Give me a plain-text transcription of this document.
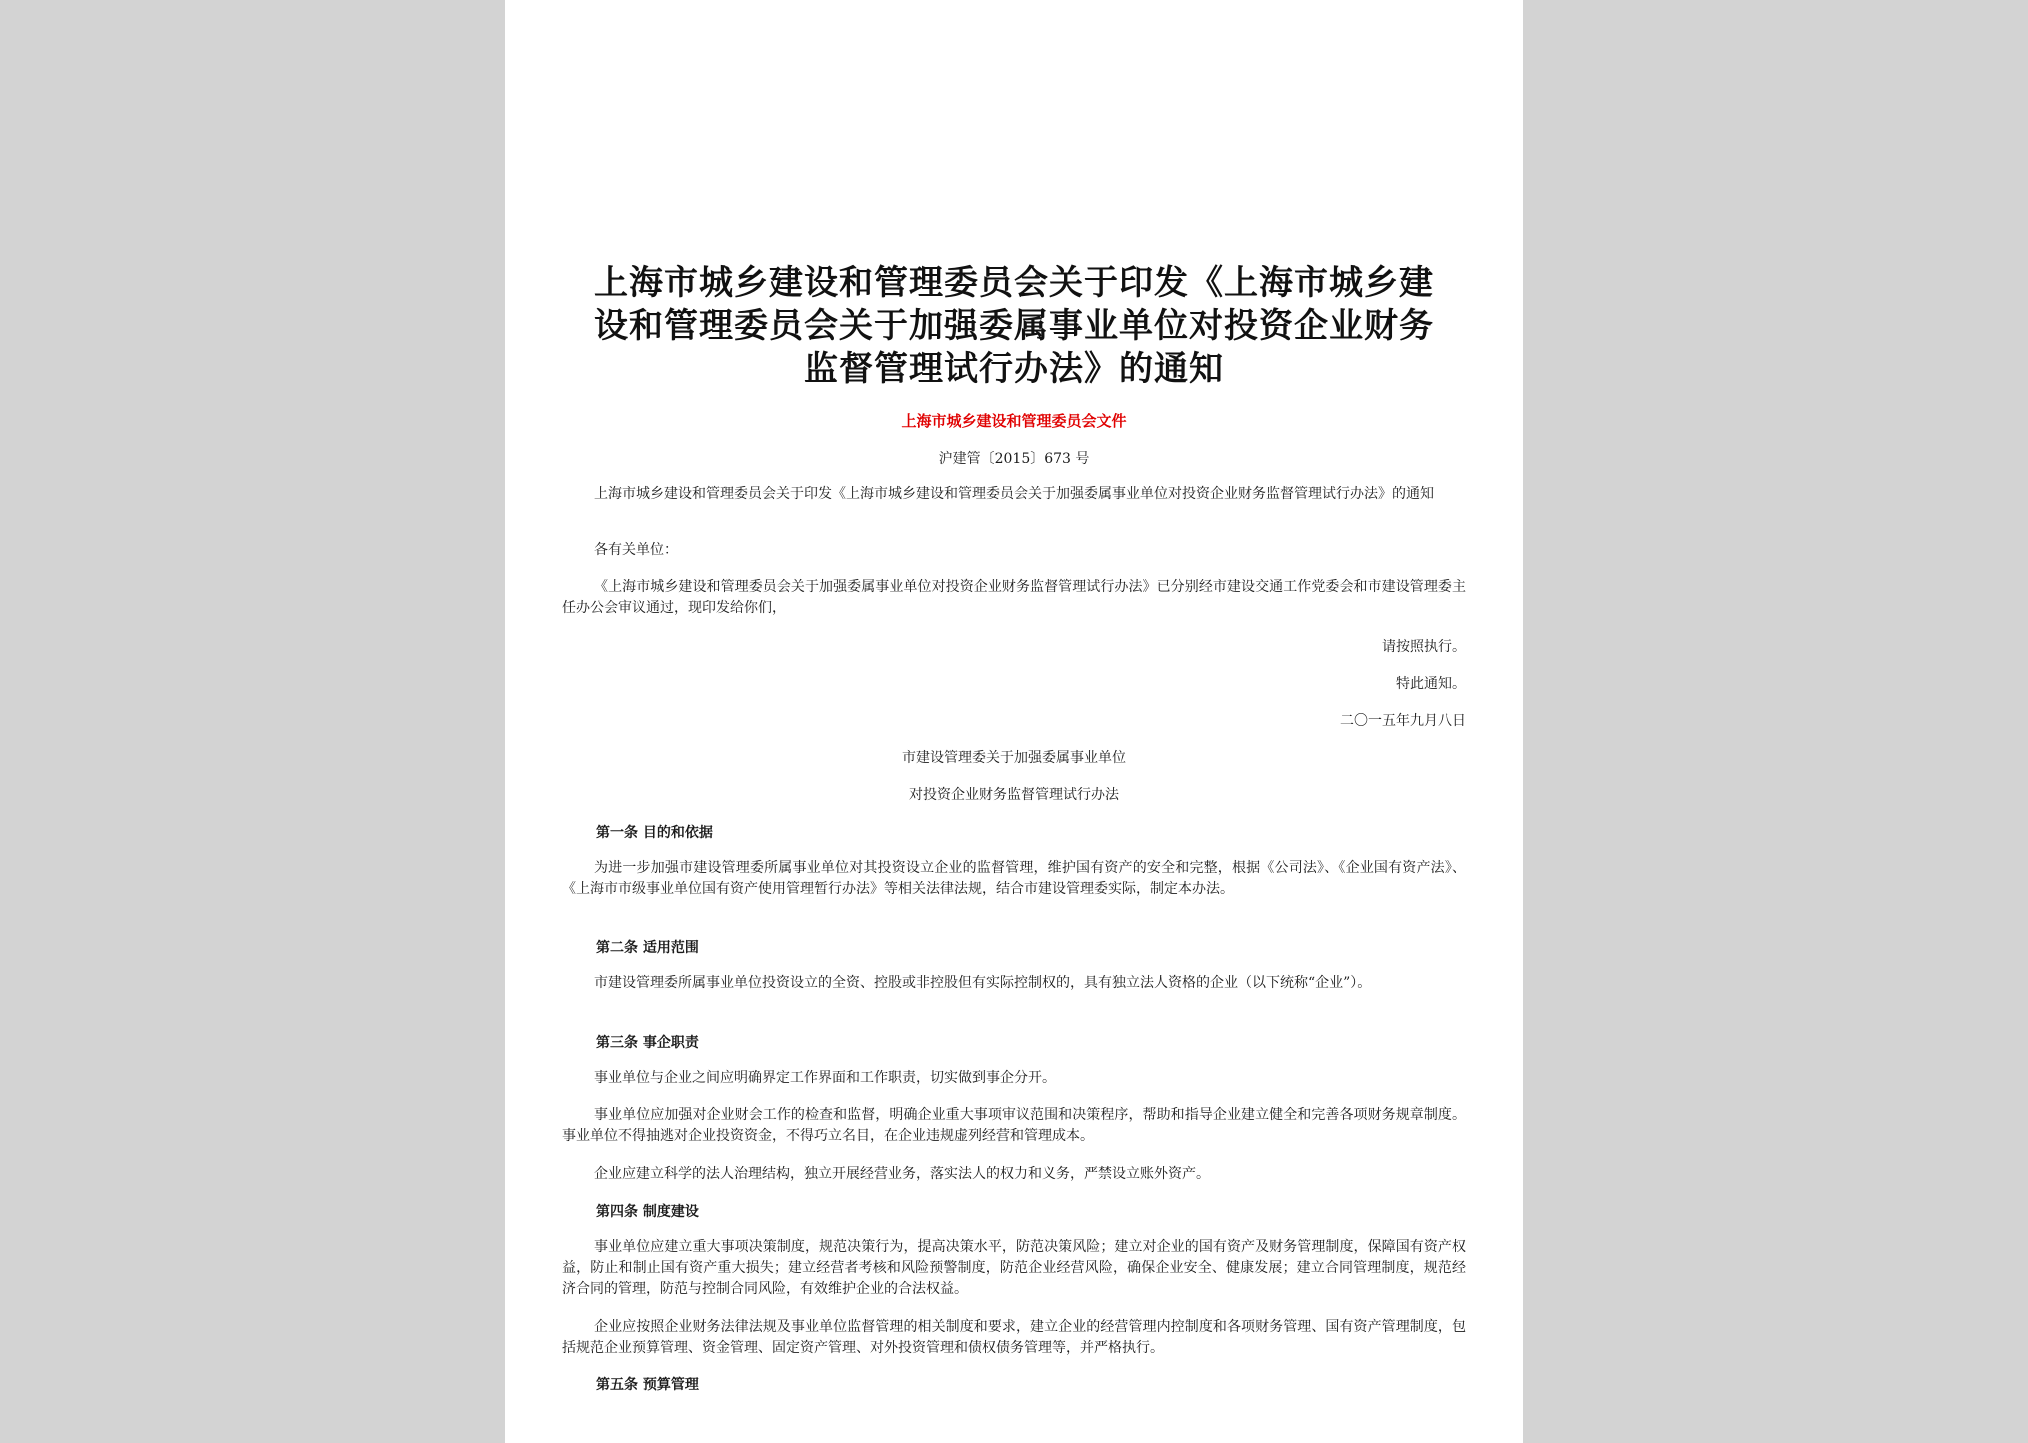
上海市城乡建设和管理委员会关于印发《上海市城乡建
设和管理委员会关于加强委属事业单位对投资企业财务
监督管理试行办法》的通知
上海市城乡建设和管理委员会文件
沪建管〔2015〕673 号
上海市城乡建设和管理委员会关于印发《上海市城乡建设和管理委员会关于加强委属事业单位对投资企业财务监督管理试行办法》的通知
各有关单位：
《上海市城乡建设和管理委员会关于加强委属事业单位对投资企业财务监督管理试行办法》已分别经市建设交通工作党委会和市建设管理委主任办公会审议通过，现印发给你们，
请按照执行。
特此通知。
二〇一五年九月八日
市建设管理委关于加强委属事业单位
对投资企业财务监督管理试行办法
第一条 目的和依据
为进一步加强市建设管理委所属事业单位对其投资设立企业的监督管理，维护国有资产的安全和完整，根据《公司法》、《企业国有资产法》、《上海市市级事业单位国有资产使用管理暂行办法》等相关法律法规，结合市建设管理委实际，制定本办法。
第二条 适用范围
市建设管理委所属事业单位投资设立的全资、控股或非控股但有实际控制权的，具有独立法人资格的企业（以下统称“企业”）。
第三条 事企职责
事业单位与企业之间应明确界定工作界面和工作职责，切实做到事企分开。
事业单位应加强对企业财会工作的检查和监督，明确企业重大事项审议范围和决策程序，帮助和指导企业建立健全和完善各项财务规章制度。事业单位不得抽逃对企业投资资金，不得巧立名目，在企业违规虚列经营和管理成本。
企业应建立科学的法人治理结构，独立开展经营业务，落实法人的权力和义务，严禁设立账外资产。
第四条 制度建设
事业单位应建立重大事项决策制度，规范决策行为，提高决策水平，防范决策风险；建立对企业的国有资产及财务管理制度，保障国有资产权益，防止和制止国有资产重大损失；建立经营者考核和风险预警制度，防范企业经营风险，确保企业安全、健康发展；建立合同管理制度，规范经济合同的管理，防范与控制合同风险，有效维护企业的合法权益。
企业应按照企业财务法律法规及事业单位监督管理的相关制度和要求，建立企业的经营管理内控制度和各项财务管理、国有资产管理制度，包括规范企业预算管理、资金管理、固定资产管理、对外投资管理和债权债务管理等，并严格执行。
第五条 预算管理
